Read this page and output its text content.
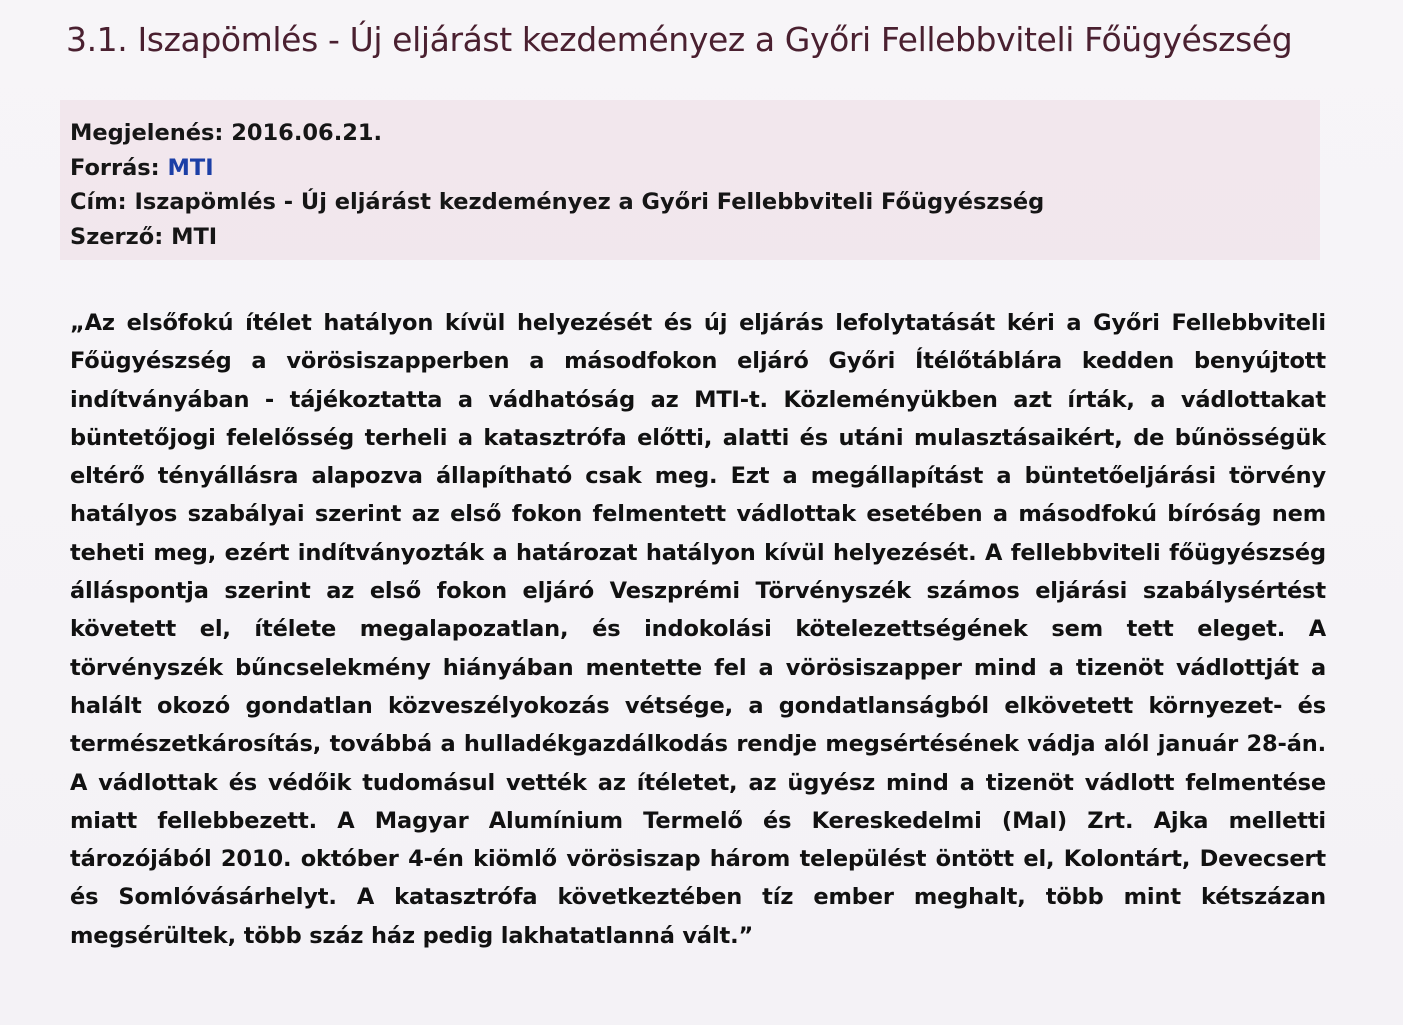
3.1. Iszapömlés - Új eljárást kezdeményez a Győri Fellebbviteli Főügyészség
Megjelenés: 2016.06.21.
Forrás: MTI
Cím: Iszapömlés - Új eljárást kezdeményez a Győri Fellebbviteli Főügyészség
Szerző: MTI

„Az elsőfokú ítélet hatályon kívül helyezését és új eljárás lefolytatását kéri a Győri Fellebbviteli Főügyészség a vörösiszapperben a másodfokon eljáró Győri Ítélőtáblára kedden benyújtott indítványában - tájékoztatta a vádhatóság az MTI-t. Közleményükben azt írták, a vádlottakat büntetőjogi felelősség terheli a katasztrófa előtti, alatti és utáni mulasztásaikért, de bűnösségük eltérő tényállásra alapozva állapítható csak meg. Ezt a megállapítást a büntetőeljárási törvény hatályos szabályai szerint az első fokon felmentett vádlottak esetében a másodfokú bíróság nem teheti meg, ezért indítványozták a határozat hatályon kívül helyezését. A fellebbviteli főügyészség álláspontja szerint az első fokon eljáró Veszprémi Törvényszék számos eljárási szabálysértést követett el, ítélete megalapozatlan, és indokolási kötelezettségének sem tett eleget. A törvényszék bűncselekmény hiányában mentette fel a vörösiszapper mind a tizenöt vádlottját a halált okozó gondatlan közveszélyokozás vétsége, a gondatlanságból elkövetett környezet- és természetkárosítás, továbbá a hulladékgazdálkodás rendje megsértésének vádja alól január 28-án. A vádlottak és védőik tudomásul vették az ítéletet, az ügyész mind a tizenöt vádlott felmentése miatt fellebbezett. A Magyar Alumínium Termelő és Kereskedelmi (Mal) Zrt. Ajka melletti tározójából 2010. október 4-én kiömlő vörösiszap három települést öntött el, Kolontárt, Devecsert és Somlóvásárhelyt. A katasztrófa következtében tíz ember meghalt, több mint kétszázan megsérültek, több száz ház pedig lakhatatlanná vált.”
